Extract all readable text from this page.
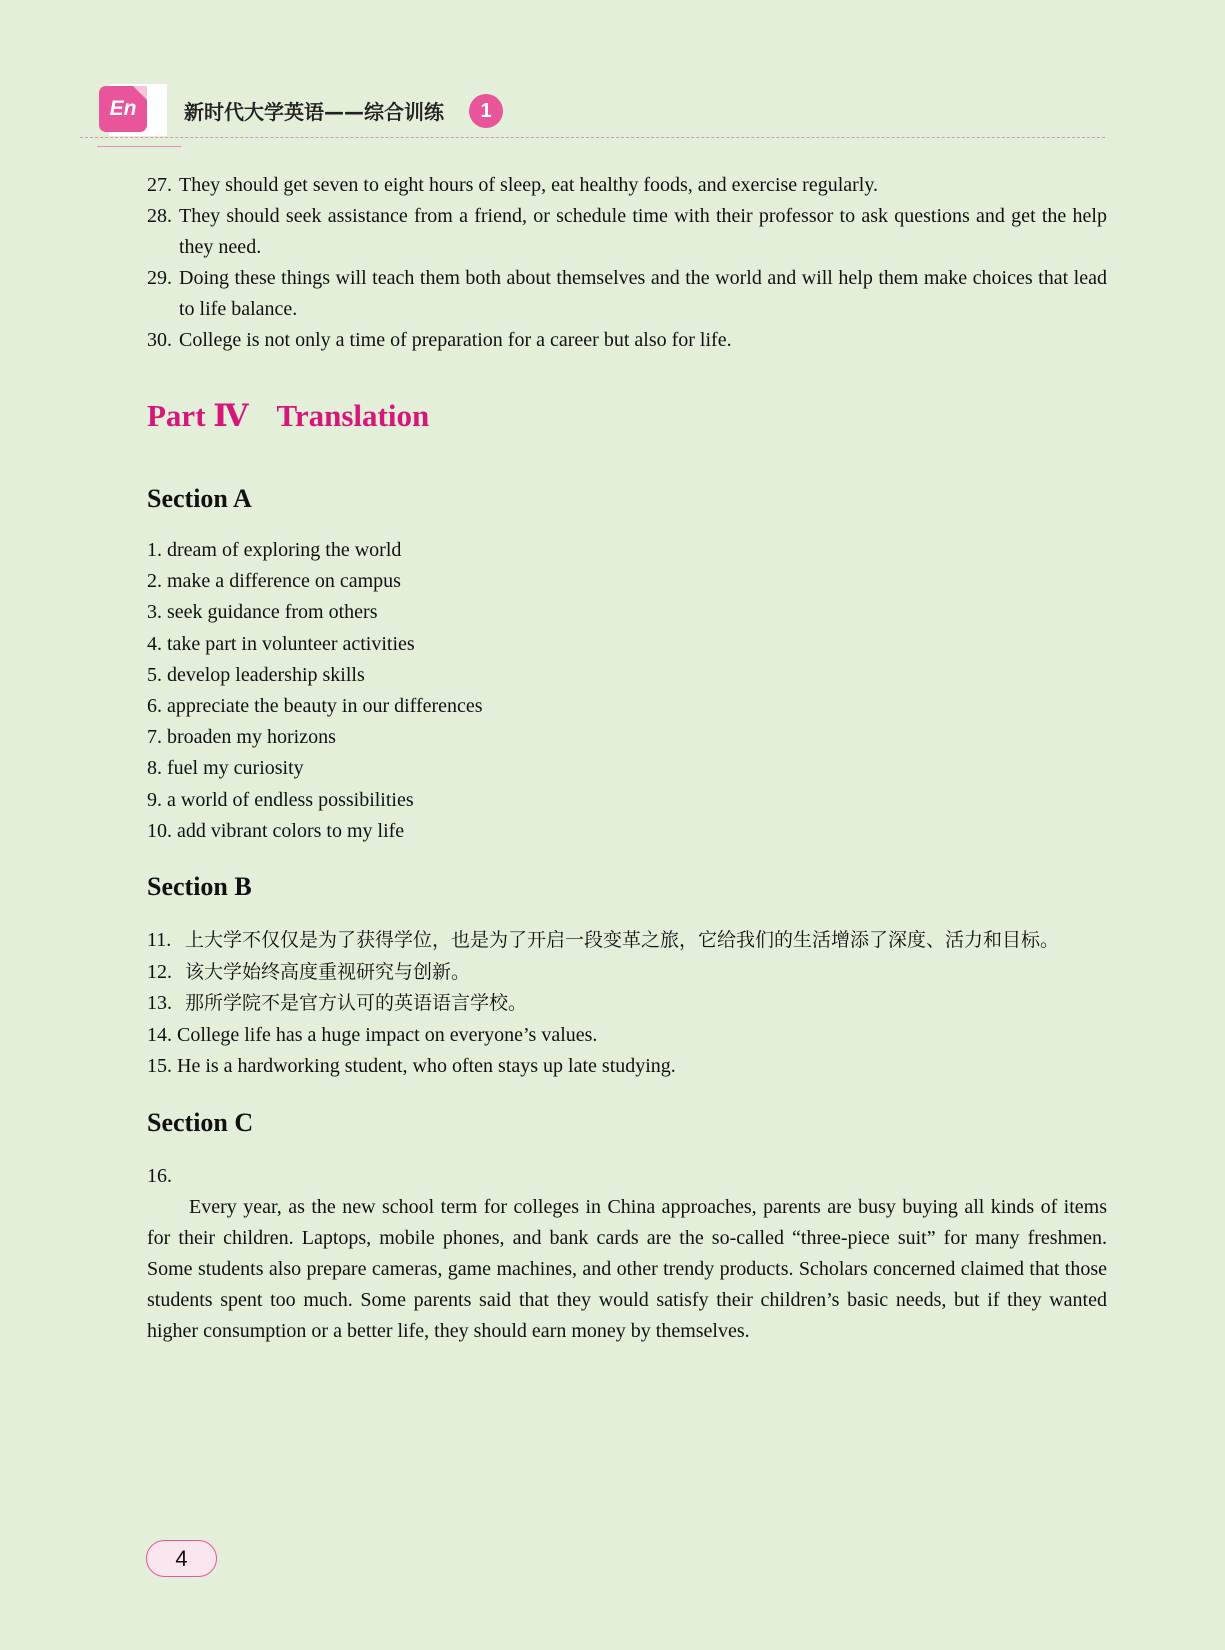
En	新时代大学英语——综合训练	1

27. They should get seven to eight hours of sleep, eat healthy foods, and exercise regularly.

28. They should seek assistance from a friend, or schedule time with their professor to ask questions and get the help they need.

29. Doing these things will teach them both about themselves and the world and will help them make choices that lead to life balance.

30. College is not only a time of preparation for a career but also for life.

Part Ⅳ Translation
Section A
1. dream of exploring the world
2. make a difference on campus
3. seek guidance from others
4. take part in volunteer activities
5. develop leadership skills
6. appreciate the beauty in our differences
7. broaden my horizons
8. fuel my curiosity
9. a world of endless possibilities
10. add vibrant colors to my life
Section B
11. 上大学不仅仅是为了获得学位，也是为了开启一段变革之旅，它给我们的生活增添了深度、活力和目标。
12. 该大学始终高度重视研究与创新。
13. 那所学院不是官方认可的英语语言学校。
14. College life has a huge impact on everyone’s values.
15. He is a hardworking student, who often stays up late studying.
Section C
16.

Every year, as the new school term for colleges in China approaches, parents are busy buying all kinds of items for their children. Laptops, mobile phones, and bank cards are the so-called “three-piece suit” for many freshmen. Some students also prepare cameras, game machines, and other trendy products. Scholars concerned claimed that those students spent too much. Some parents said that they would satisfy their children’s basic needs, but if they wanted higher consumption or a better life, they should earn money by themselves.

4
